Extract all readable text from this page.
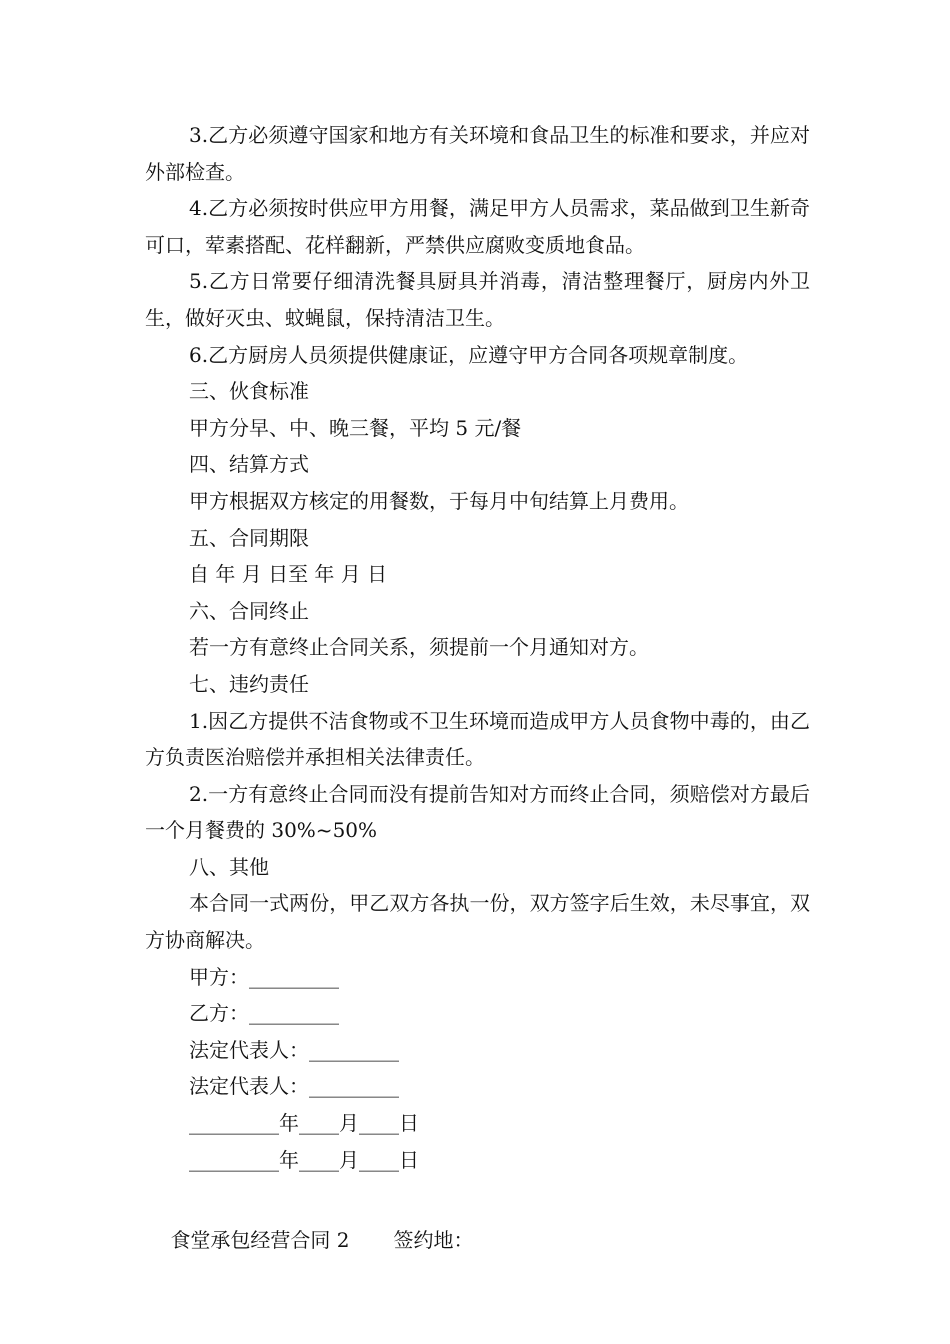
3.乙方必须遵守国家和地方有关环境和食品卫生的标准和要求，并应对外部检查。

4.乙方必须按时供应甲方用餐，满足甲方人员需求，菜品做到卫生新奇可口，荤素搭配、花样翻新，严禁供应腐败变质地食品。

5.乙方日常要仔细清洗餐具厨具并消毒，清洁整理餐厅，厨房内外卫生，做好灭虫、蚊蝇鼠，保持清洁卫生。

6.乙方厨房人员须提供健康证，应遵守甲方合同各项规章制度。

三、伙食标准

甲方分早、中、晚三餐，平均 5 元/餐

四、结算方式

甲方根据双方核定的用餐数，于每月中旬结算上月费用。

五、合同期限

自 年 月 日至 年 月 日

六、合同终止

若一方有意终止合同关系，须提前一个月通知对方。

七、违约责任

1.因乙方提供不洁食物或不卫生环境而造成甲方人员食物中毒的，由乙方负责医治赔偿并承担相关法律责任。

2.一方有意终止合同而没有提前告知对方而终止合同，须赔偿对方最后一个月餐费的 30%~50%

八、其他

本合同一式两份，甲乙双方各执一份，双方签字后生效，未尽事宜，双方协商解决。

甲方：_________

乙方：_________

法定代表人：_________

法定代表人：_________

_________年____月____日

_________年____月____日

食堂承包经营合同 2 签约地：
